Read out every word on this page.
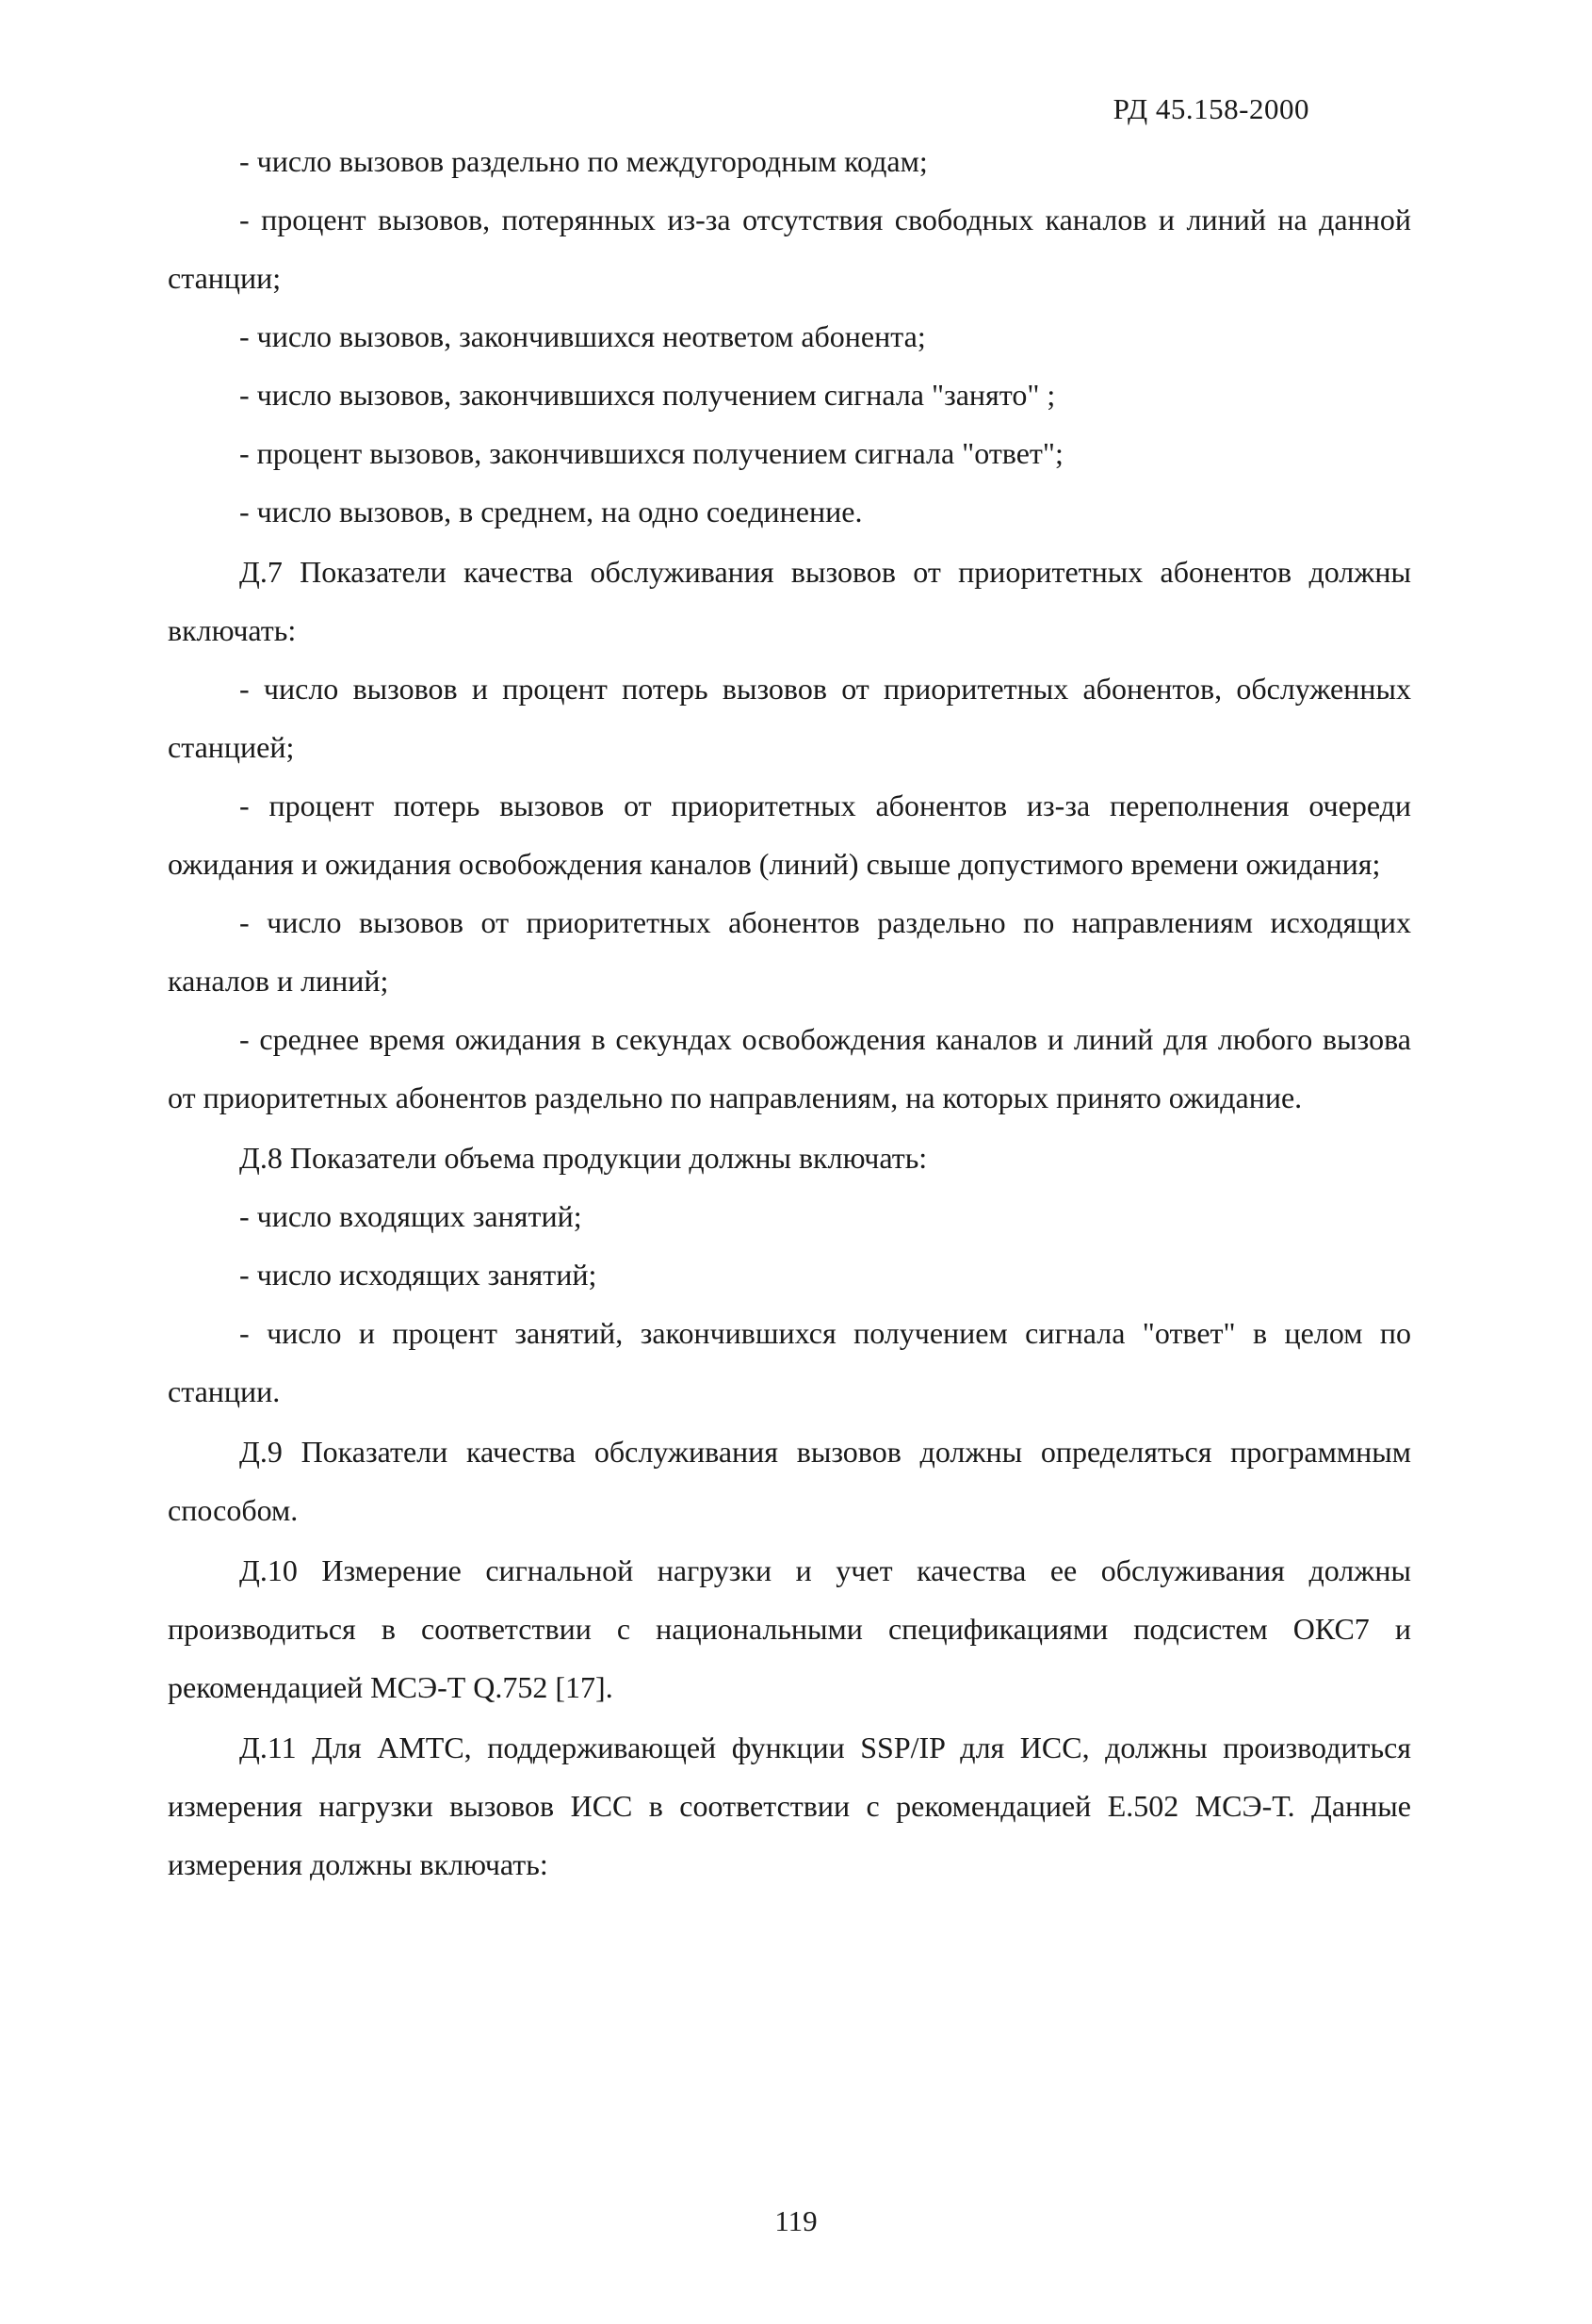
РД 45.158-2000

- число вызовов раздельно по междугородным кодам;

- процент вызовов, потерянных из-за отсутствия свободных каналов и линий на данной станции;

- число вызовов, закончившихся неответом абонента;

- число вызовов, закончившихся получением сигнала "занято" ;

- процент вызовов, закончившихся получением сигнала "ответ";

- число вызовов, в среднем, на одно соединение.

Д.7 Показатели качества обслуживания вызовов от приоритетных абонентов должны включать:

- число вызовов и процент потерь вызовов от приоритетных абонентов, обслуженных станцией;

- процент потерь вызовов от приоритетных абонентов из-за переполнения очереди ожидания и ожидания освобождения каналов (линий) свыше допустимого времени ожидания;

- число вызовов от приоритетных абонентов раздельно по направлениям исходящих каналов и линий;

- среднее время ожидания в секундах освобождения каналов и линий для любого вызова от приоритетных абонентов раздельно по направлениям, на которых принято ожидание.

Д.8 Показатели объема продукции должны включать:

- число входящих занятий;

- число исходящих занятий;

- число и процент занятий, закончившихся получением сигнала "ответ" в целом по станции.

Д.9 Показатели качества обслуживания вызовов должны определяться программным способом.

Д.10 Измерение сигнальной нагрузки и учет качества ее обслуживания должны производиться в соответствии с национальными спецификациями подсистем ОКС7 и рекомендацией МСЭ-Т Q.752 [17].

Д.11 Для АМТС, поддерживающей функции SSP/IP для ИСС, должны производиться измерения нагрузки вызовов ИСС в соответствии с рекомендацией Е.502 МСЭ-Т. Данные измерения должны включать:

119
